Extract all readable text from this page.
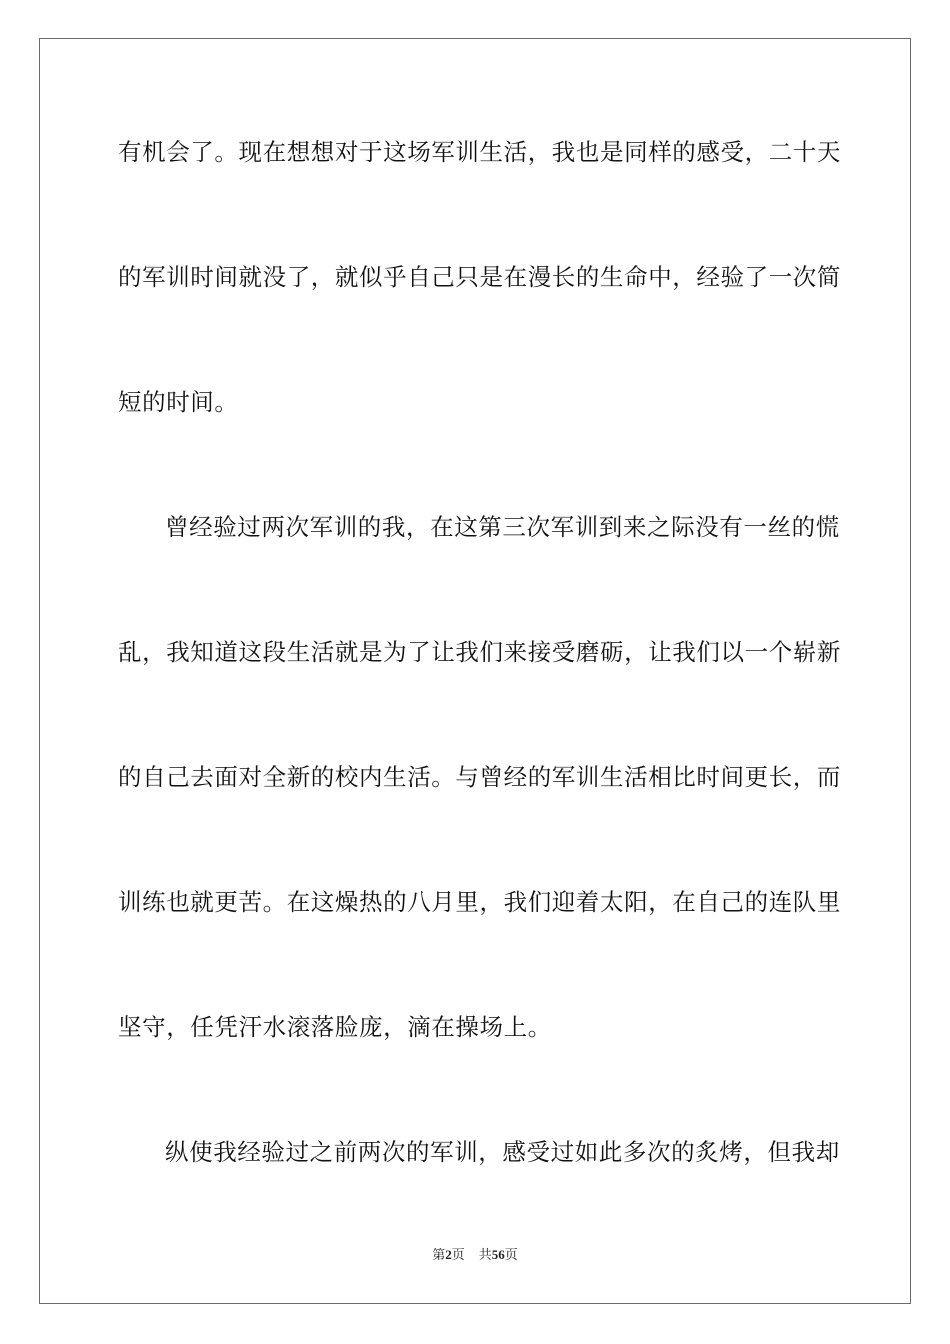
有机会了。现在想想对于这场军训生活，我也是同样的感受，二十天
的军训时间就没了，就似乎自己只是在漫长的生命中，经验了一次简
短的时间。
曾经验过两次军训的我，在这第三次军训到来之际没有一丝的慌
乱，我知道这段生活就是为了让我们来接受磨砺，让我们以一个崭新
的自己去面对全新的校内生活。与曾经的军训生活相比时间更长，而
训练也就更苦。在这燥热的八月里，我们迎着太阳，在自己的连队里
坚守，任凭汗水滚落脸庞，滴在操场上。
纵使我经验过之前两次的军训，感受过如此多次的炙烤，但我却
第2页 共56页
